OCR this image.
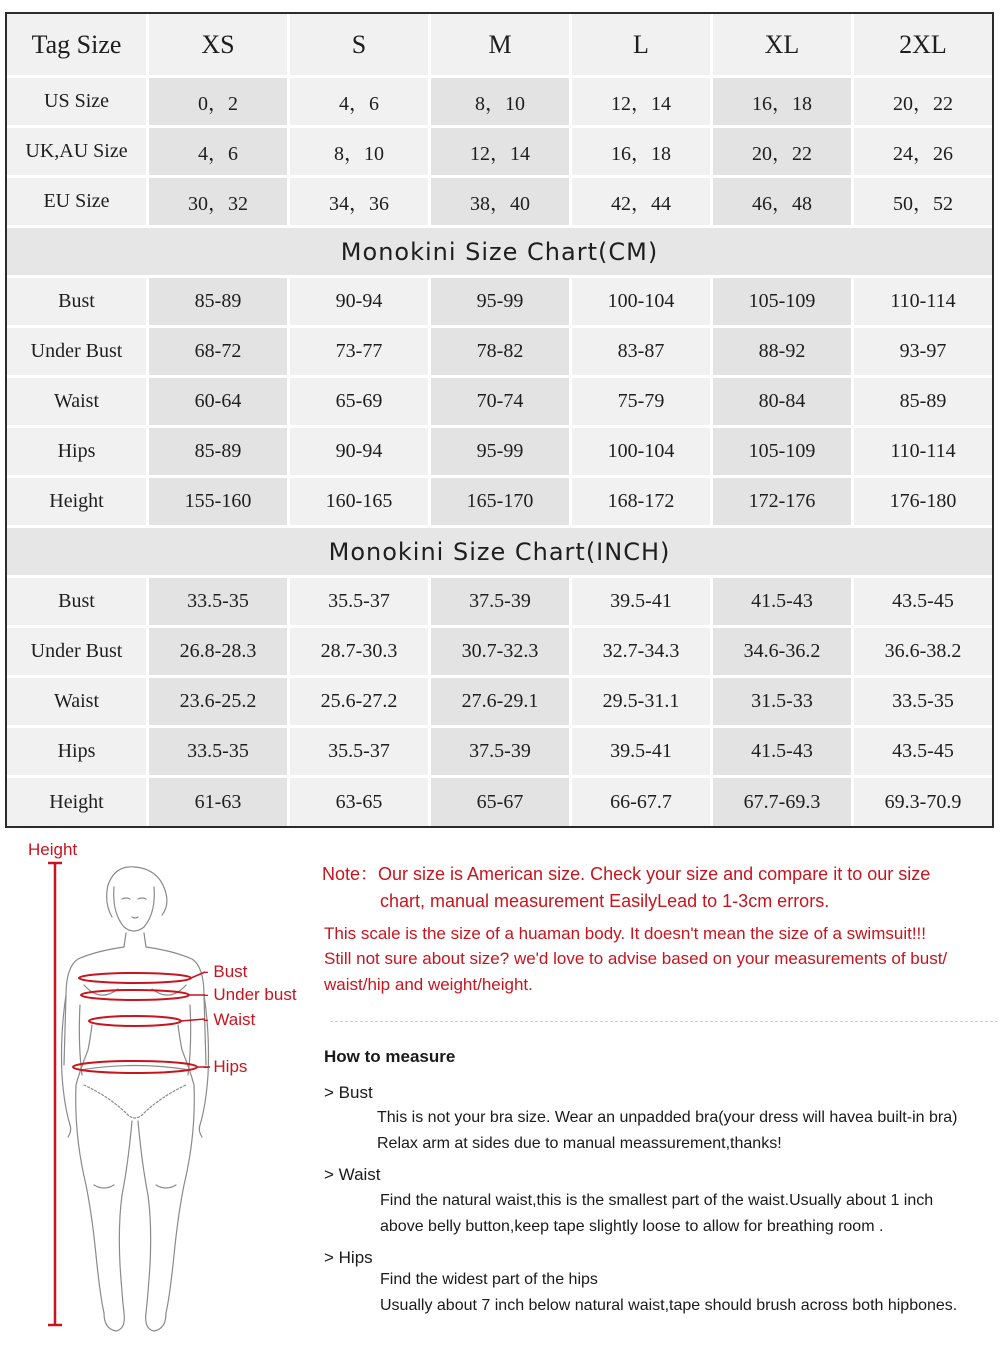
Tag Size	XS	S	M	L	XL	2XL
US Size	0，2	4，6	8，10	12，14	16，18	20，22
UK,AU Size	4，6	8，10	12，14	16，18	20，22	24，26
EU Size	30，32	34，36	38，40	42，44	46，48	50，52
Monokini Size Chart(CM)
Bust	85-89	90-94	95-99	100-104	105-109	110-114
Under Bust	68-72	73-77	78-82	83-87	88-92	93-97
Waist	60-64	65-69	70-74	75-79	80-84	85-89
Hips	85-89	90-94	95-99	100-104	105-109	110-114
Height	155-160	160-165	165-170	168-172	172-176	176-180
Monokini Size Chart(INCH)
Bust	33.5-35	35.5-37	37.5-39	39.5-41	41.5-43	43.5-45
Under Bust	26.8-28.3	28.7-30.3	30.7-32.3	32.7-34.3	34.6-36.2	36.6-38.2
Waist	23.6-25.2	25.6-27.2	27.6-29.1	29.5-31.1	31.5-33	33.5-35
Hips	33.5-35	35.5-37	37.5-39	39.5-41	41.5-43	43.5-45
Height	61-63	63-65	65-67	66-67.7	67.7-69.3	69.3-70.9
Height
- Bust
- Under bust
- Waist
- Hips
Note：Our size is American size. Check your size and compare it to our size
chart, manual measurement EasilyLead to 1-3cm errors.
This scale is the size of a huaman body. It doesn't mean the size of a swimsuit!!!
Still not sure about size? we'd love to advise based on your measurements of bust/
waist/hip and weight/height.
How to measure
> Bust
This is not your bra size. Wear an unpadded bra(your dress will havea built-in bra)
Relax arm at sides due to manual meassurement,thanks!
> Waist
Find the natural waist,this is the smallest part of the waist.Usually about 1 inch
above belly button,keep tape slightly loose to allow for breathing room .
> Hips
Find the widest part of the hips
Usually about 7 inch below natural waist,tape should brush across both hipbones.
